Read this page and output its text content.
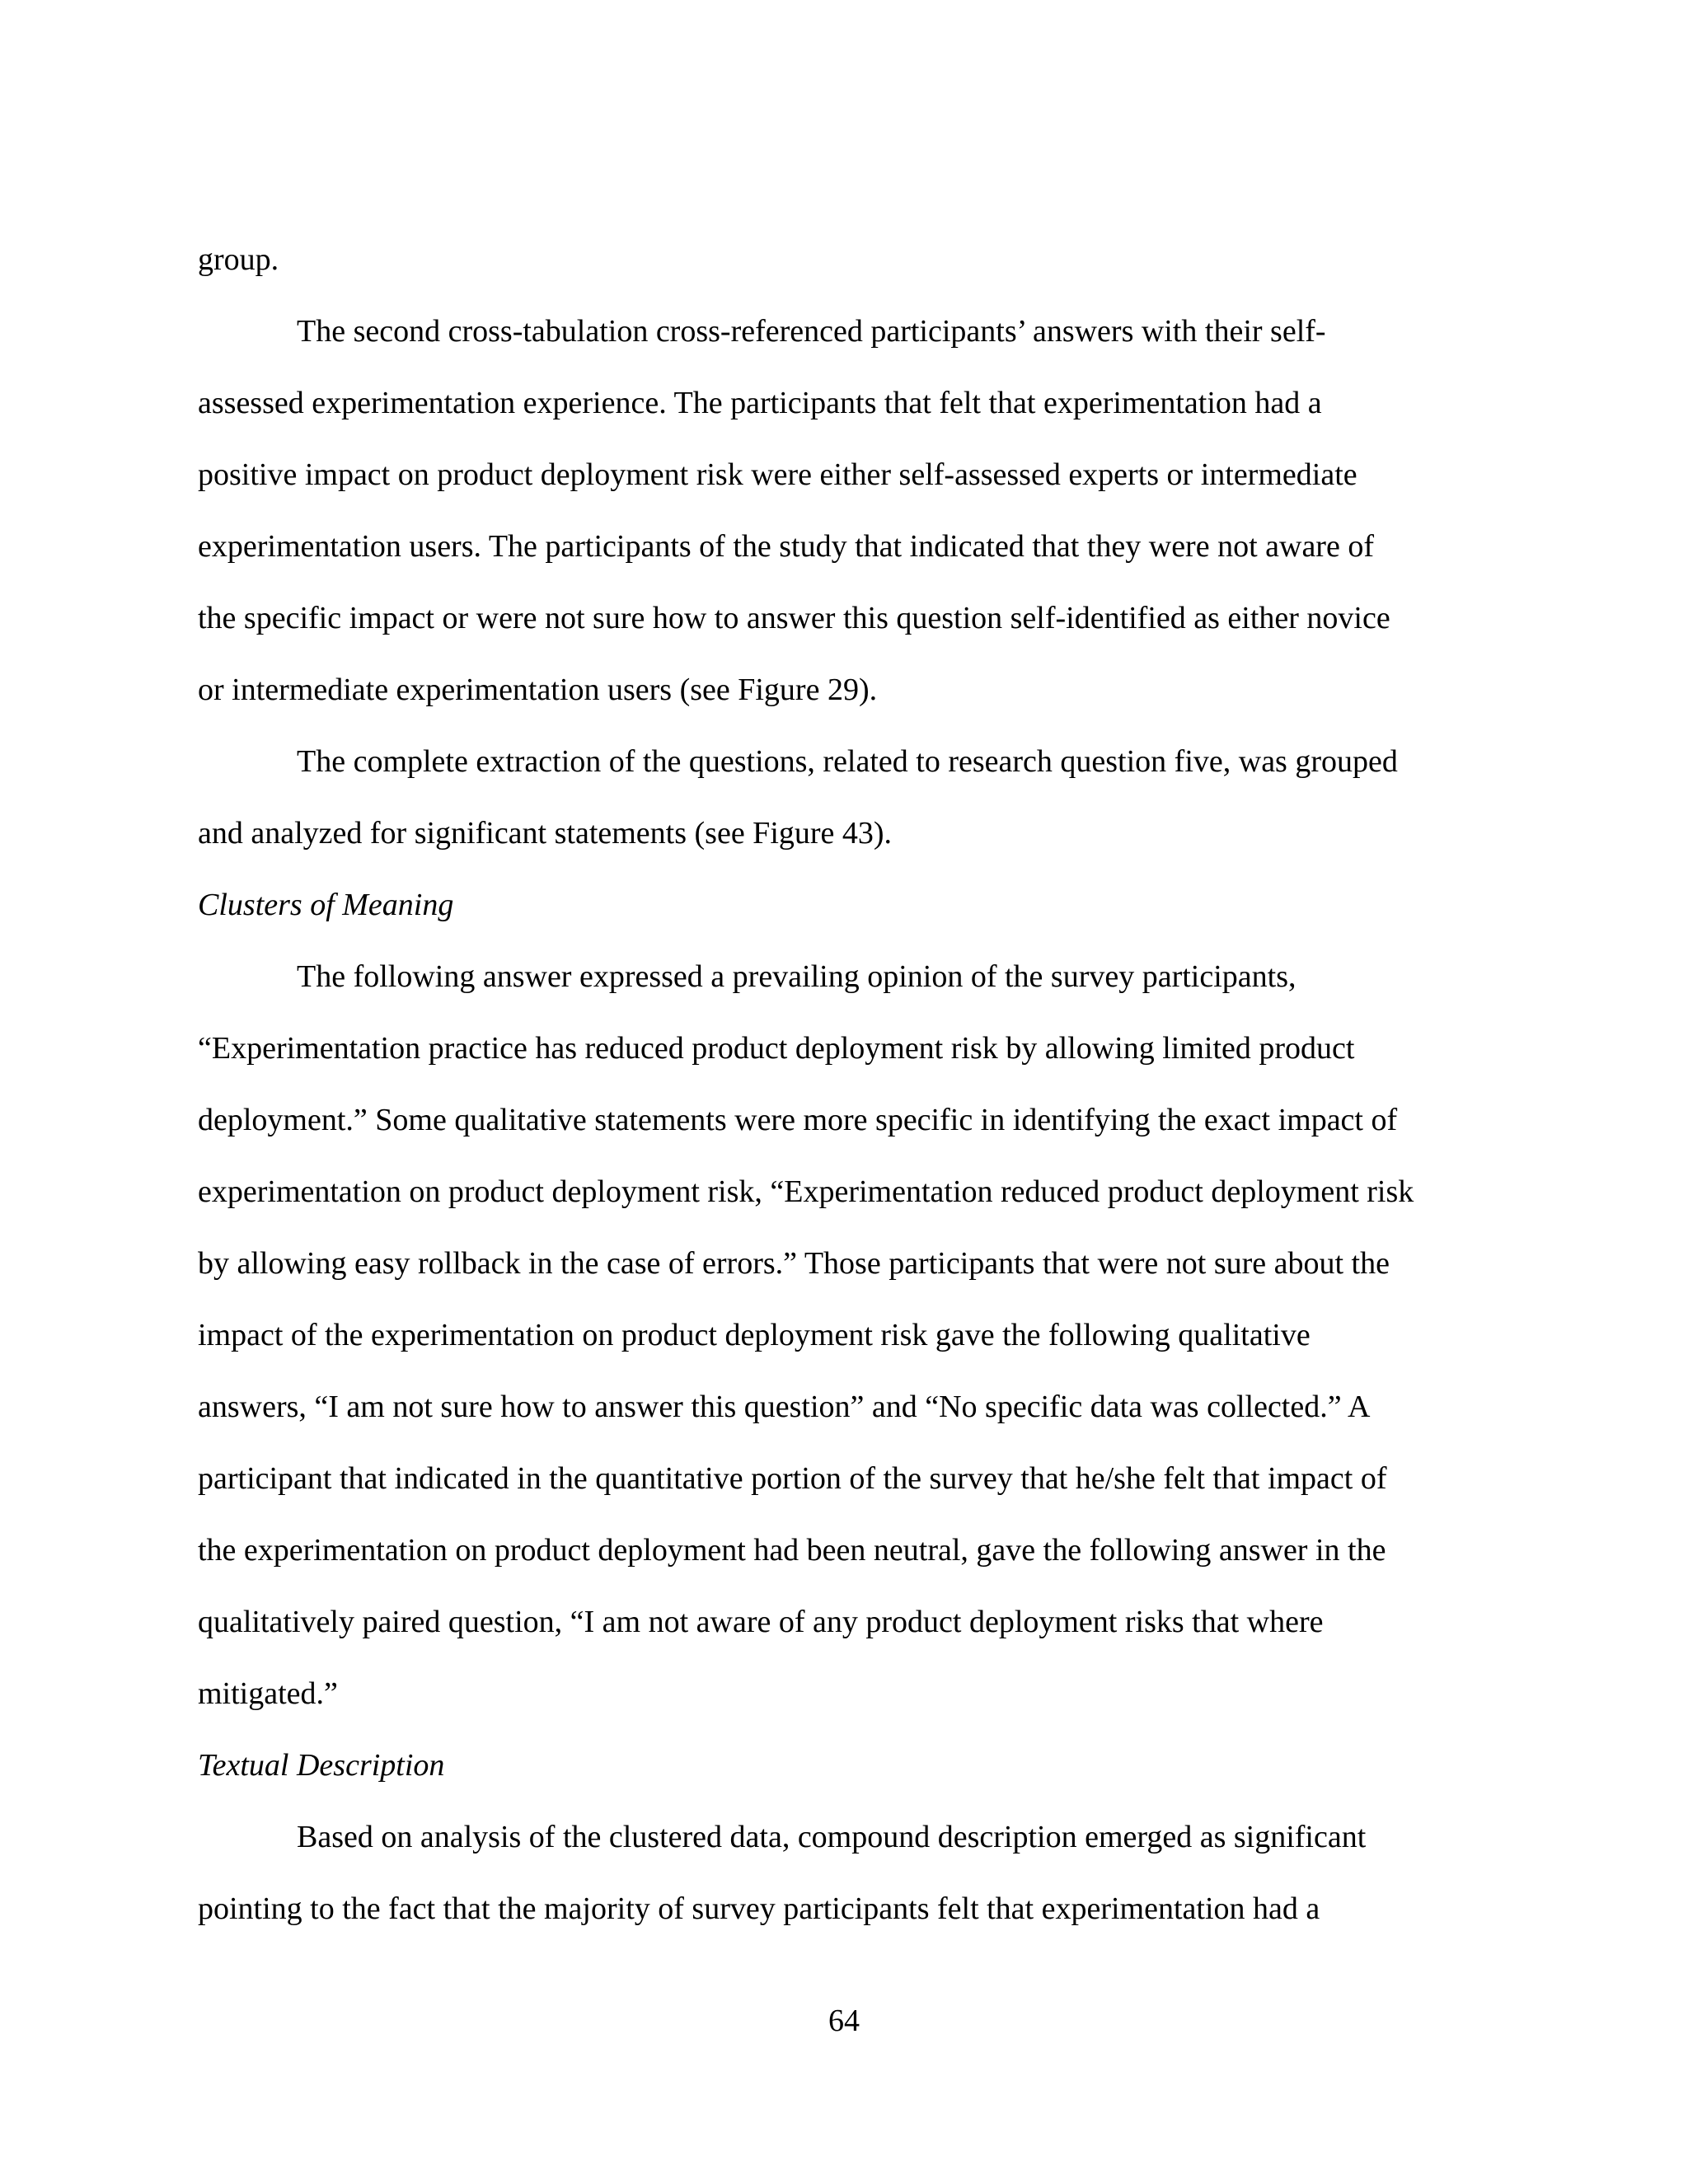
group.
The second cross-tabulation cross-referenced participants’ answers with their self-
assessed experimentation experience. The participants that felt that experimentation had a
positive impact on product deployment risk were either self-assessed experts or intermediate
experimentation users. The participants of the study that indicated that they were not aware of
the specific impact or were not sure how to answer this question self-identified as either novice
or intermediate experimentation users (see Figure 29).
The complete extraction of the questions, related to research question five, was grouped
and analyzed for significant statements (see Figure 43).
Clusters of Meaning
The following answer expressed a prevailing opinion of the survey participants,
“Experimentation practice has reduced product deployment risk by allowing limited product
deployment.” Some qualitative statements were more specific in identifying the exact impact of
experimentation on product deployment risk, “Experimentation reduced product deployment risk
by allowing easy rollback in the case of errors.” Those participants that were not sure about the
impact of the experimentation on product deployment risk gave the following qualitative
answers, “I am not sure how to answer this question” and “No specific data was collected.” A
participant that indicated in the quantitative portion of the survey that he/she felt that impact of
the experimentation on product deployment had been neutral, gave the following answer in the
qualitatively paired question, “I am not aware of any product deployment risks that where
mitigated.”
Textual Description
Based on analysis of the clustered data, compound description emerged as significant
pointing to the fact that the majority of survey participants felt that experimentation had a
64
